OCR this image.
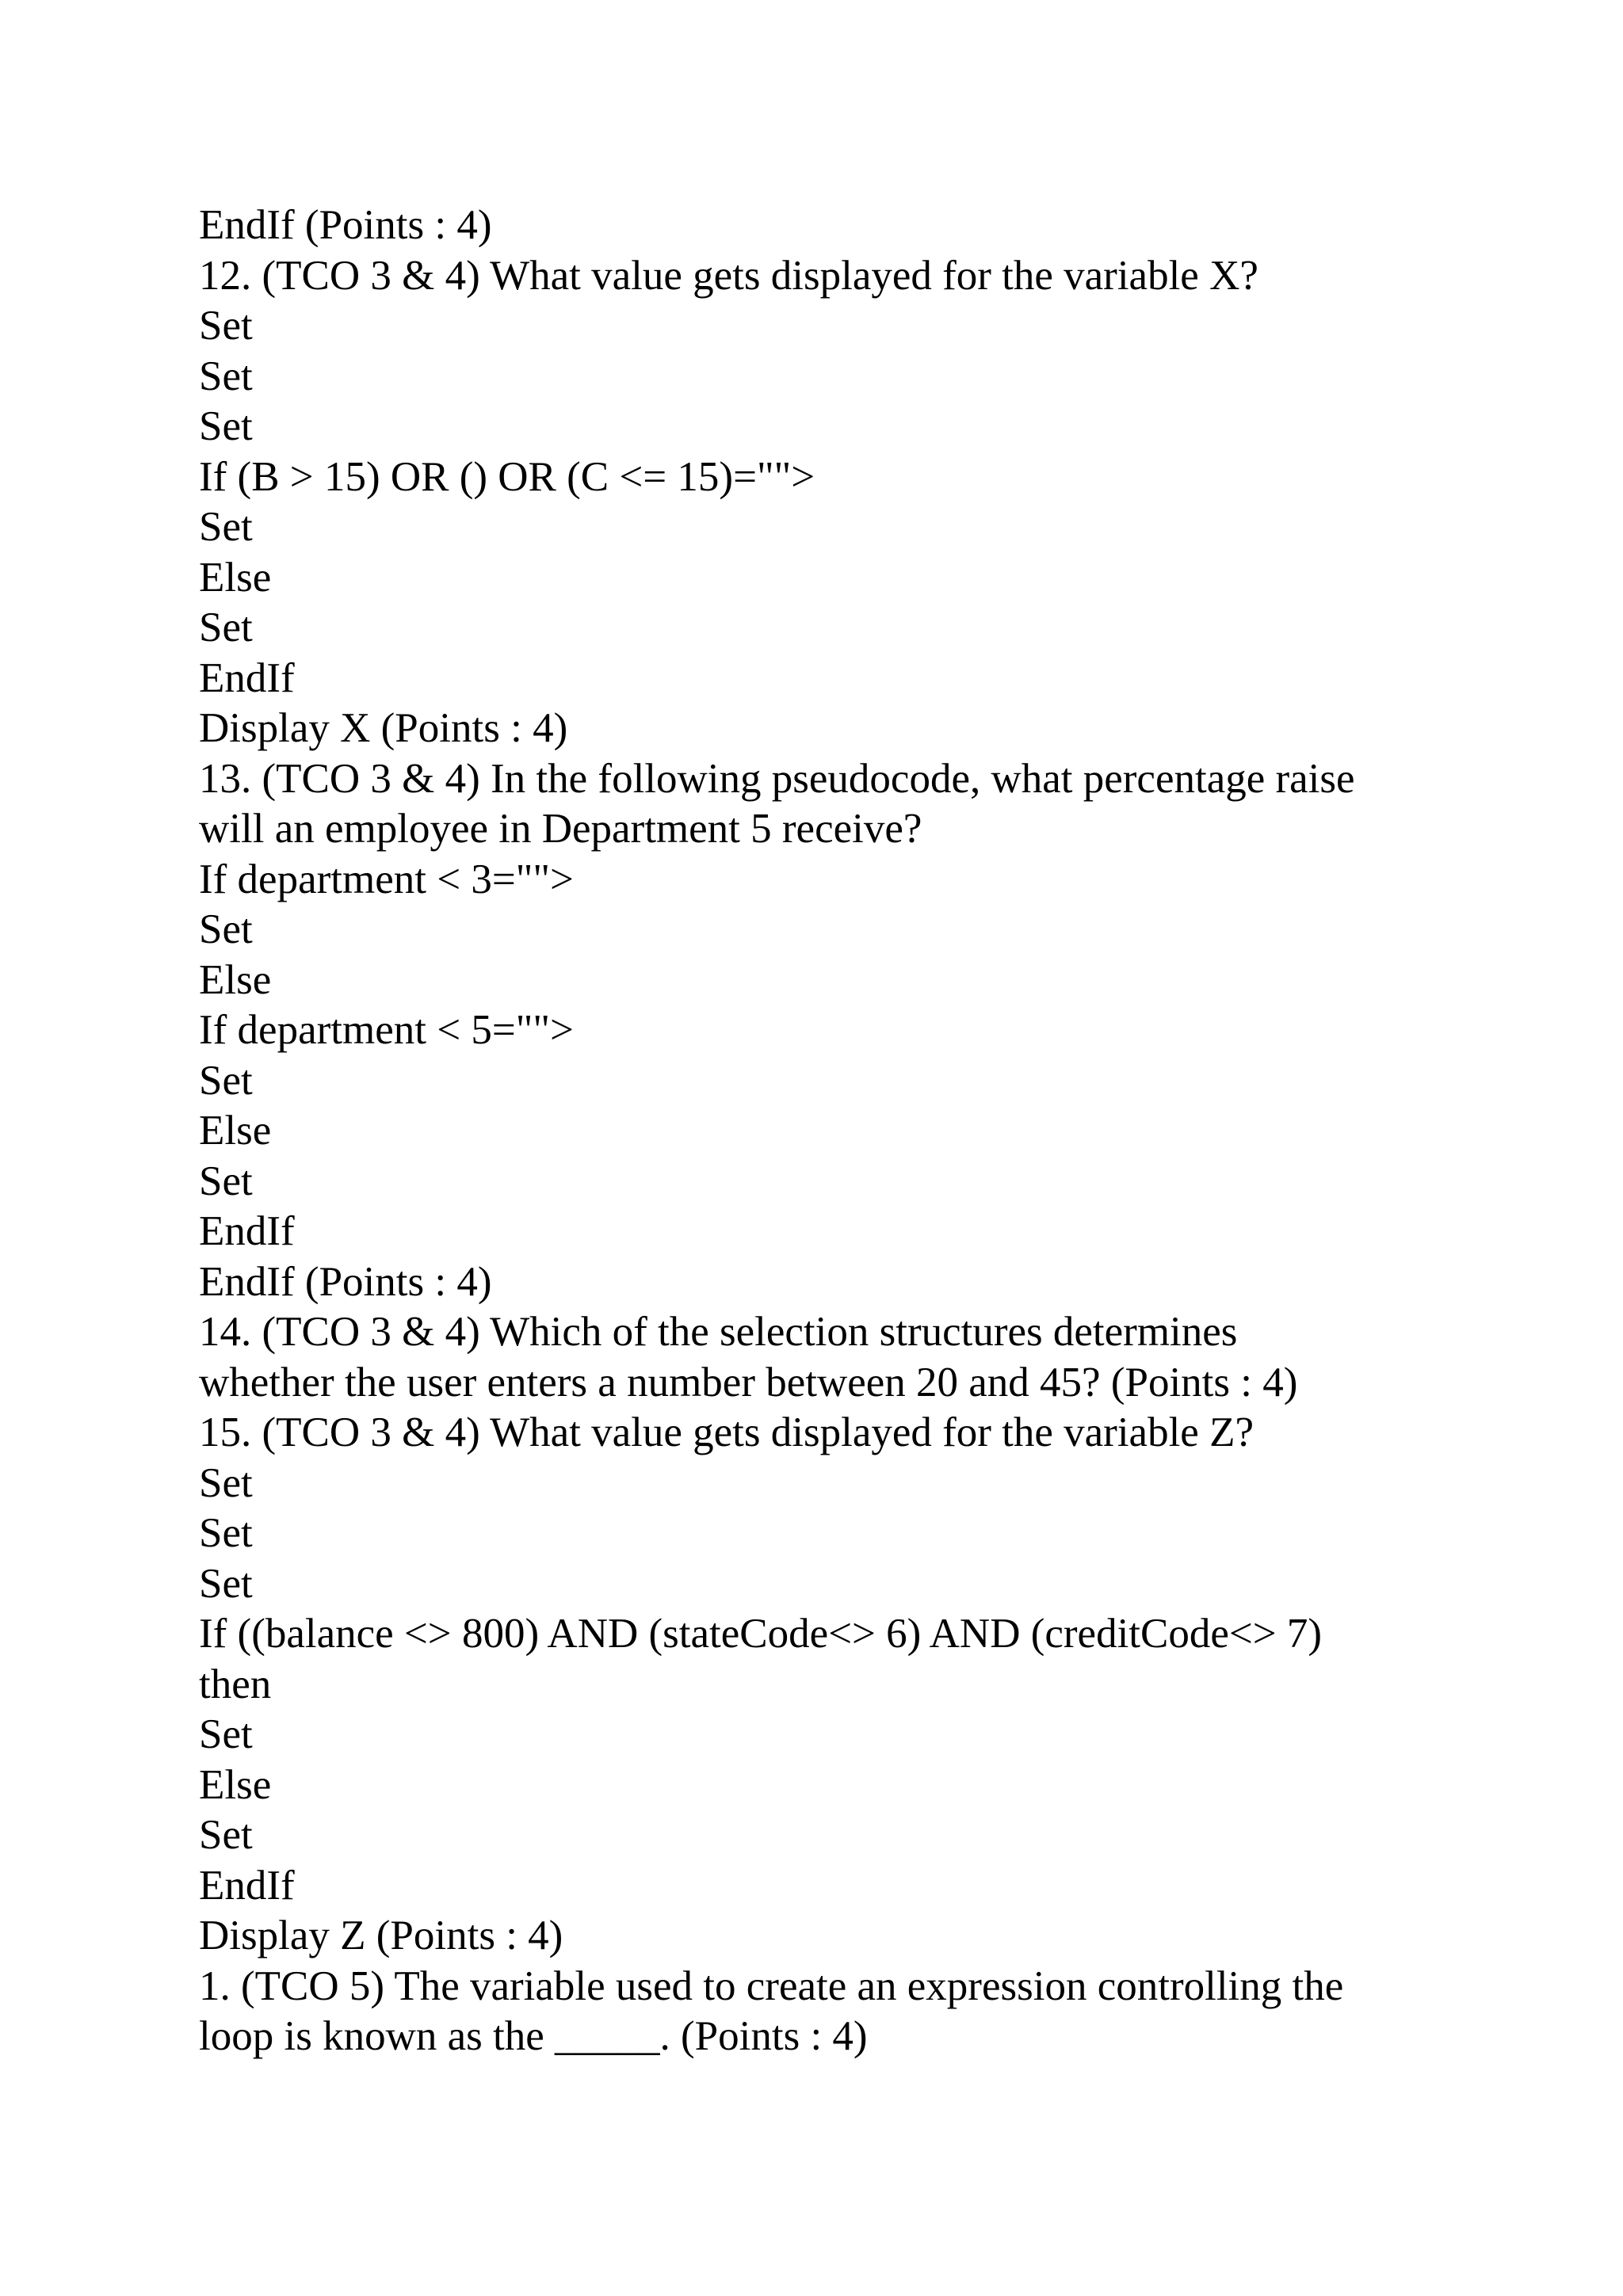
EndIf (Points : 4)
12. (TCO 3 & 4) What value gets displayed for the variable X?
Set
Set
Set
If (B > 15) OR () OR (C <= 15)="">
Set
Else
Set
EndIf
Display X (Points : 4)
13. (TCO 3 & 4) In the following pseudocode, what percentage raise
will an employee in Department 5 receive?
If department < 3="">
Set
Else
If department < 5="">
Set
Else
Set
EndIf
EndIf (Points : 4)
14. (TCO 3 & 4) Which of the selection structures determines
whether the user enters a number between 20 and 45? (Points : 4)
15. (TCO 3 & 4) What value gets displayed for the variable Z?
Set
Set
Set
If ((balance <> 800) AND (stateCode<> 6) AND (creditCode<> 7)
then
Set
Else
Set
EndIf
Display Z (Points : 4)
1. (TCO 5) The variable used to create an expression controlling the
loop is known as the _____. (Points : 4)
